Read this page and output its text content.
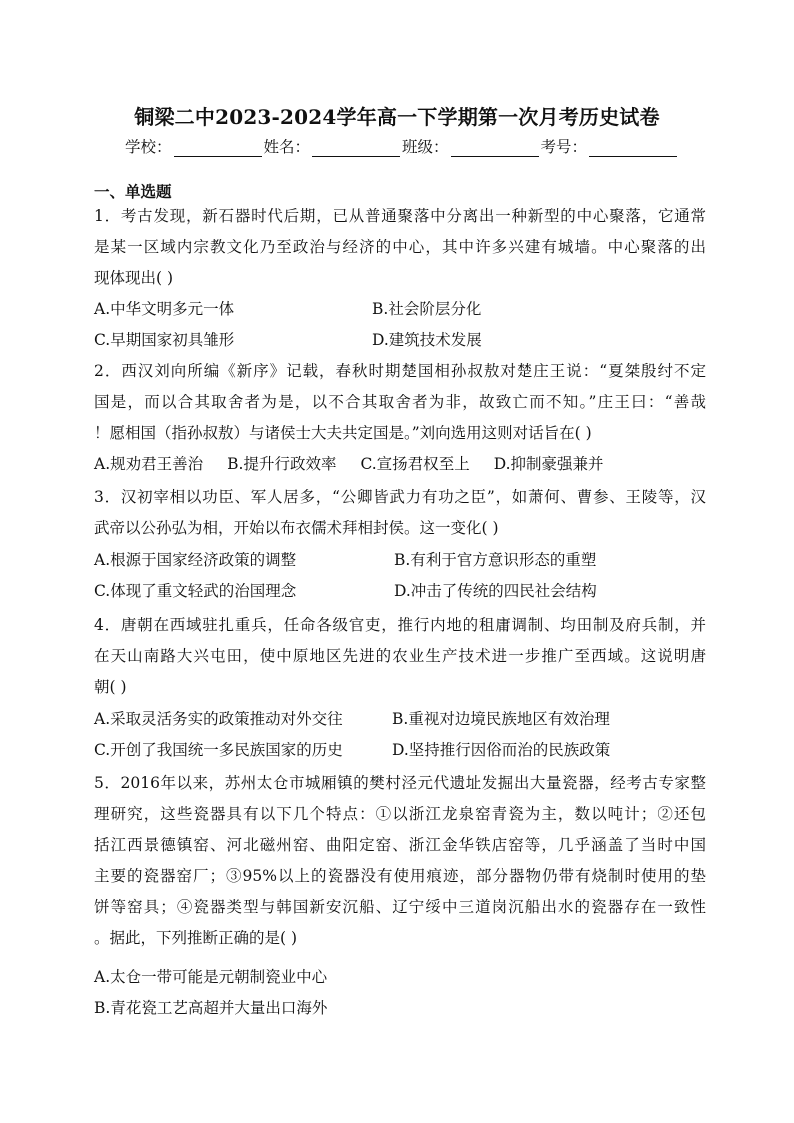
铜梁二中2023-2024学年高一下学期第一次月考历史试卷
学校：	姓名：	班级：	考号：
一、单选题
1．考古发现，新石器时代后期，已从普通聚落中分离出一种新型的中心聚落，它通常
是某一区域内宗教文化乃至政治与经济的中心，其中许多兴建有城墙。中心聚落的出
现体现出( )
A.中华文明多元一体	B.社会阶层分化
C.早期国家初具雏形	D.建筑技术发展
2．西汉刘向所编《新序》记载，春秋时期楚国相孙叔敖对楚庄王说：“夏桀殷纣不定
国是，而以合其取舍者为是，以不合其取舍者为非，故致亡而不知。”庄王曰：“善哉
！愿相国（指孙叔敖）与诸侯士大夫共定国是。”刘向选用这则对话旨在( )
A.规劝君王善治 B.提升行政效率 C.宣扬君权至上 D.抑制豪强兼并
3．汉初宰相以功臣、军人居多，“公卿皆武力有功之臣”，如萧何、曹参、王陵等，汉
武帝以公孙弘为相，开始以布衣儒术拜相封侯。这一变化( )
A.根源于国家经济政策的调整	B.有利于官方意识形态的重塑
C.体现了重文轻武的治国理念	D.冲击了传统的四民社会结构
4．唐朝在西域驻扎重兵，任命各级官吏，推行内地的租庸调制、均田制及府兵制，并
在天山南路大兴屯田，使中原地区先进的农业生产技术进一步推广至西域。这说明唐
朝( )
A.采取灵活务实的政策推动对外交往	B.重视对边境民族地区有效治理
C.开创了我国统一多民族国家的历史	D.坚持推行因俗而治的民族政策
5．2016年以来，苏州太仓市城厢镇的樊村泾元代遗址发掘出大量瓷器，经考古专家整
理研究，这些瓷器具有以下几个特点：①以浙江龙泉窑青瓷为主，数以吨计；②还包
括江西景德镇窑、河北磁州窑、曲阳定窑、浙江金华铁店窑等，几乎涵盖了当时中国
主要的瓷器窑厂；③95%以上的瓷器没有使用痕迹，部分器物仍带有烧制时使用的垫
饼等窑具；④瓷器类型与韩国新安沉船、辽宁绥中三道岗沉船出水的瓷器存在一致性
。据此，下列推断正确的是( )
A.太仓一带可能是元朝制瓷业中心
B.青花瓷工艺高超并大量出口海外
